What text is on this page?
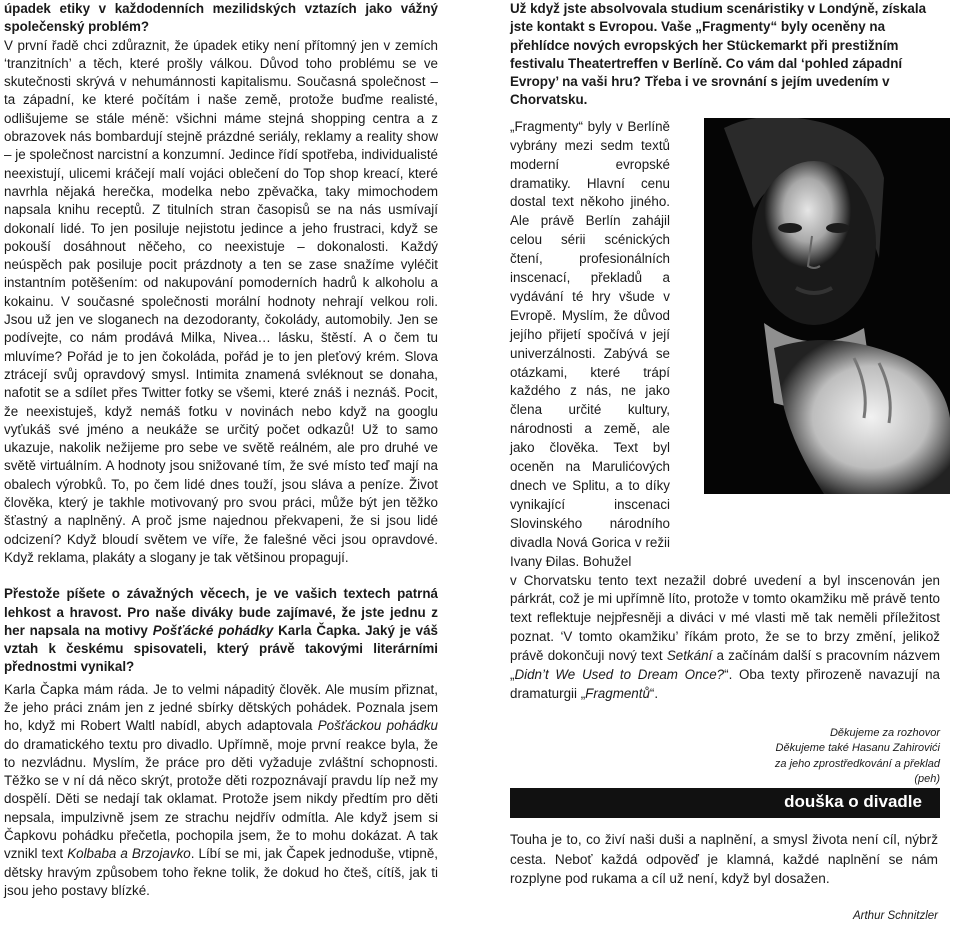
úpadek etiky v každodenních mezilidských vztazích jako vážný společenský problém?

V první řadě chci zdůraznit, že úpadek etiky není přítomný jen v zemích ‘tranzitních’ a těch, které prošly válkou. Důvod toho problému se ve skutečnosti skrývá v nehumánnosti kapitalismu. Současná společnost – ta západní, ke které počítám i naše země, protože buďme realisté, odlišujeme se stále méně: všichni máme stejná shopping centra a z obrazovek nás bombardují stejně prázdné seriály, reklamy a reality show – je společnost narcistní a konzumní. Jedince řídí spotřeba, individualisté neexistují, ulicemi kráčejí malí vojáci oblečení do Top shop kreací, které navrhla nějaká herečka, modelka nebo zpěvačka, taky mimochodem napsala knihu receptů. Z titulních stran časopisů se na nás usmívají dokonalí lidé. To jen posiluje nejistotu jedince a jeho frustraci, když se pokouší dosáhnout něčeho, co neexistuje – dokonalosti. Každý neúspěch pak posiluje pocit prázdnoty a ten se zase snažíme vyléčit instantním potěšením: od nakupování pomoderních hadrů k alkoholu a kokainu. V současné společnosti morální hodnoty nehrají velkou roli. Jsou už jen ve sloganech na dezodoranty, čokolády, automobily. Jen se podívejte, co nám prodává Milka, Nivea… lásku, štěstí. A o čem tu mluvíme? Pořád je to jen čokoláda, pořád je to jen pleťový krém. Slova ztrácejí svůj opravdový smysl. Intimita znamená svléknout se donaha, nafotit se a sdílet přes Twitter fotky se všemi, které znáš i neznáš. Pocit, že neexistuješ, když nemáš fotku v novinách nebo když na googlu vyťukáš své jméno a neukáže se určitý počet odkazů! Už to samo ukazuje, nakolik nežijeme pro sebe ve světě reálném, ale pro druhé ve světě virtuálním. A hodnoty jsou snižované tím, že své místo teď mají na obalech výrobků. To, po čem lidé dnes touží, jsou sláva a peníze. Život člověka, který je takhle motivovaný pro svou práci, může být jen těžko šťastný a naplněný. A proč jsme najednou překvapeni, že si jsou lidé odcizení? Když bloudí světem ve víře, že falešné věci jsou opravdové. Když reklama, plakáty a slogany je tak většinou propagují.

Přestože píšete o závažných věcech, je ve vašich textech patrná lehkost a hravost. Pro naše diváky bude zajímavé, že jste jednu z her napsala na motivy Pošťácké pohádky Karla Čapka. Jaký je váš vztah k českému spisovateli, který právě takovými literárními přednostmi vynikal?

Karla Čapka mám ráda. Je to velmi nápaditý člověk. Ale musím přiznat, že jeho práci znám jen z jedné sbírky dětských pohádek. Poznala jsem ho, když mi Robert Waltl nabídl, abych adaptovala Pošťáckou pohádku do dramatického textu pro divadlo. Upřímně, moje první reakce byla, že to nezvládnu. Myslím, že práce pro děti vyžaduje zvláštní schopnosti. Těžko se v ní dá něco skrýt, protože děti rozpoznávají pravdu líp než my dospělí. Děti se nedají tak oklamat. Protože jsem nikdy předtím pro děti nepsala, impulzivně jsem ze strachu nejdřív odmítla. Ale když jsem si Čapkovu pohádku přečetla, pochopila jsem, že to mohu dokázat. A tak vznikl text Kolbaba a Brzojavko. Líbí se mi, jak Čapek jednoduše, vtipně, dětsky hravým způsobem toho řekne tolik, že dokud ho čteš, cítíš, jak ti jsou jeho postavy blízké.

Už když jste absolvovala studium scenáristiky v Londýně, získala jste kontakt s Evropou. Vaše „Fragmenty“ byly oceněny na přehlídce nových evropských her Stückemarkt při prestižním festivalu Theatertreffen v Berlíně. Co vám dal ‘pohled západní Evropy’ na vaši hru? Třeba i ve srovnání s jejím uvedením v Chorvatsku.

„Fragmenty“ byly v Berlíně vybrány mezi sedm textů moderní evropské dramatiky. Hlavní cenu dostal text někoho jiného. Ale právě Berlín zahájil celou sérii scénických čtení, profesionálních inscenací, překladů a vydávání té hry všude v Evropě. Myslím, že důvod jejího přijetí spočívá v její univerzálnosti. Zabývá se otázkami, které trápí každého z nás, ne jako člena určité kultury, národnosti a země, ale jako člověka. Text byl oceněn na Marulićových dnech ve Splitu, a to díky vynikající inscenaci Slovinského národního divadla Nová Gorica v režii Ivany Đilas. Bohužel

v Chorvatsku tento text nezažil dobré uvedení a byl inscenován jen párkrát, což je mi upřímně líto, protože v tomto okamžiku mě právě tento text reflektuje nejpřesněji a diváci v mé vlasti mě tak neměli příležitost poznat. ‘V tomto okamžiku’ říkám proto, že se to brzy změní, jelikož právě dokončuji nový text Setkání a začínám další s pracovním názvem „Didn’t We Used to Dream Once?“. Oba texty přirozeně navazují na dramaturgii „Fragmentů“.

Děkujeme za rozhovor
Děkujeme také Hasanu Zahirovići
za jeho zprostředkování a překlad
(peh)
douška o divadle

Touha je to, co živí naši duši a naplnění, a smysl života není cíl, nýbrž cesta. Neboť každá odpověď je klamná, každé naplnění se nám rozplyne pod rukama a cíl už není, když byl dosažen.

Arthur Schnitzler
